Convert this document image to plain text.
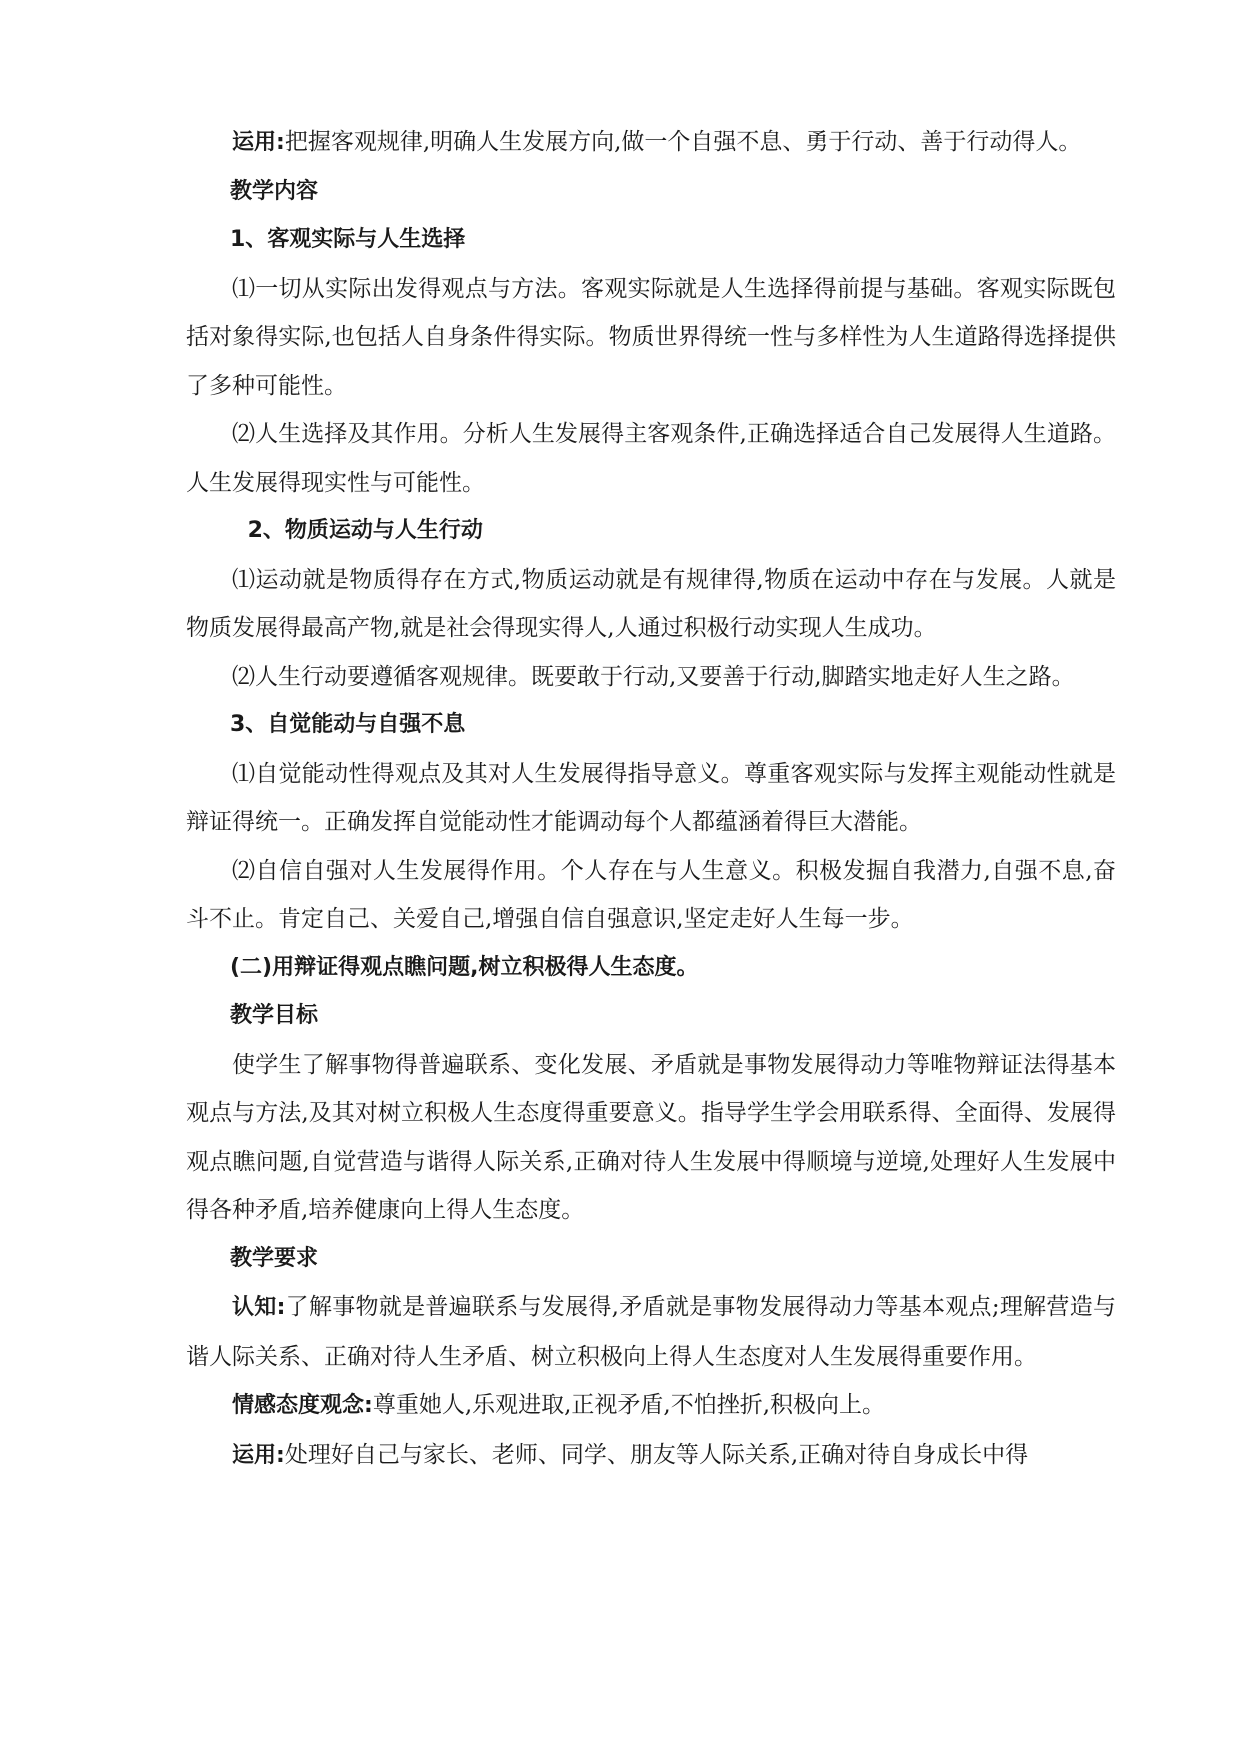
运用:把握客观规律,明确人生发展方向,做一个自强不息、勇于行动、善于行动得人。

教学内容

1、客观实际与人生选择

⑴一切从实际出发得观点与方法。客观实际就是人生选择得前提与基础。客观实际既包括对象得实际,也包括人自身条件得实际。物质世界得统一性与多样性为人生道路得选择提供了多种可能性。

⑵人生选择及其作用。分析人生发展得主客观条件,正确选择适合自己发展得人生道路。人生发展得现实性与可能性。

2、物质运动与人生行动

⑴运动就是物质得存在方式,物质运动就是有规律得,物质在运动中存在与发展。人就是物质发展得最高产物,就是社会得现实得人,人通过积极行动实现人生成功。

⑵人生行动要遵循客观规律。既要敢于行动,又要善于行动,脚踏实地走好人生之路。

3、自觉能动与自强不息

⑴自觉能动性得观点及其对人生发展得指导意义。尊重客观实际与发挥主观能动性就是辩证得统一。正确发挥自觉能动性才能调动每个人都蕴涵着得巨大潜能。

⑵自信自强对人生发展得作用。个人存在与人生意义。积极发掘自我潜力,自强不息,奋斗不止。肯定自己、关爱自己,增强自信自强意识,坚定走好人生每一步。

(二)用辩证得观点瞧问题,树立积极得人生态度。

教学目标

使学生了解事物得普遍联系、变化发展、矛盾就是事物发展得动力等唯物辩证法得基本观点与方法,及其对树立积极人生态度得重要意义。指导学生学会用联系得、全面得、发展得观点瞧问题,自觉营造与谐得人际关系,正确对待人生发展中得顺境与逆境,处理好人生发展中得各种矛盾,培养健康向上得人生态度。

教学要求

认知:了解事物就是普遍联系与发展得,矛盾就是事物发展得动力等基本观点;理解营造与谐人际关系、正确对待人生矛盾、树立积极向上得人生态度对人生发展得重要作用。

情感态度观念:尊重她人,乐观进取,正视矛盾,不怕挫折,积极向上。

运用:处理好自己与家长、老师、同学、朋友等人际关系,正确对待自身成长中得
